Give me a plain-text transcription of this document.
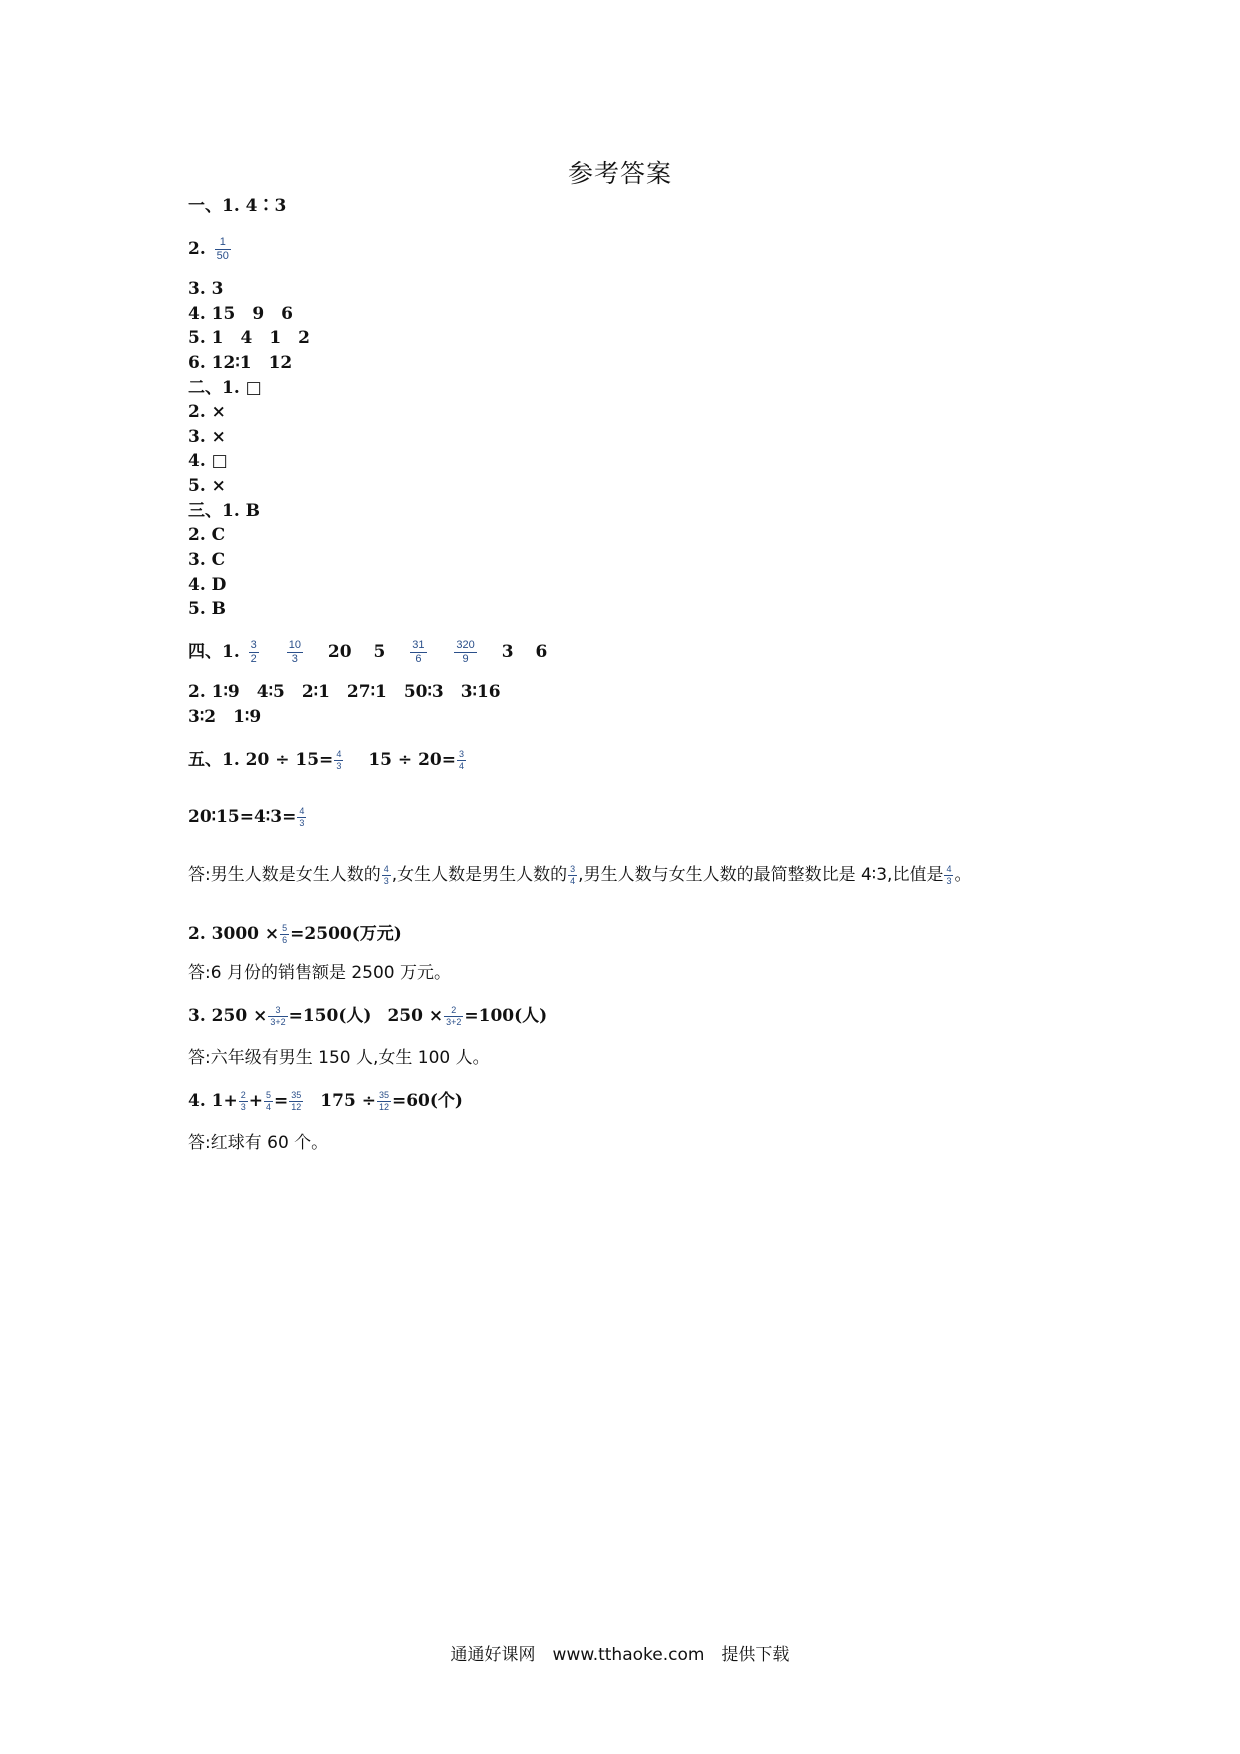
参考答案
一、1. 4∶3
2. $\frac{1}{50}$
3. 3
4. 15　9　6
5. 1　4　1　2
6. 12∶1　12
二、1. □
2. ×
3. ×
4. □
5. ×
三、1. B
2. C
3. C
4. D
5. B
四、1. $\frac{3}{2}$
	$\frac{10}{3} 20$ $5 \frac{31}{6}$
	$\frac{320}{9} 3$ 6
2. 1∶9　4∶5　2∶1　27∶1　50∶3　3∶16
3∶2　1∶9
五、1. $20 \div 15= \frac{4}{3} 15 \div 20= \frac{3}{4}$
20∶15=4∶3= $\frac{4}{3}$
答:男生人数是女生人数的 $\frac{4}{3}$ ,女生人数是男生人数的 $\frac{3}{4}$ ,男生人数与女生人数的最简整数比是 4∶3,比值是 $\frac{4}{3}$ 。
2. $3000 \times \frac{5}{6} =2500$(万元)
答:6 月份的销售额是 2500 万元。
3. $250 \times \frac{3}{3+2} =150$(人) $250 \times \frac{2}{3+2} =100$(人)
答:六年级有男生 150 人,女生 100 人。
4. $1+ \frac{2}{3} + \frac{5}{4} = \frac{35}{12} 175 \div \frac{35}{12} =60$(个)
答:红球有 60 个。
通通好课网　www.tthaoke.com　提供下载
